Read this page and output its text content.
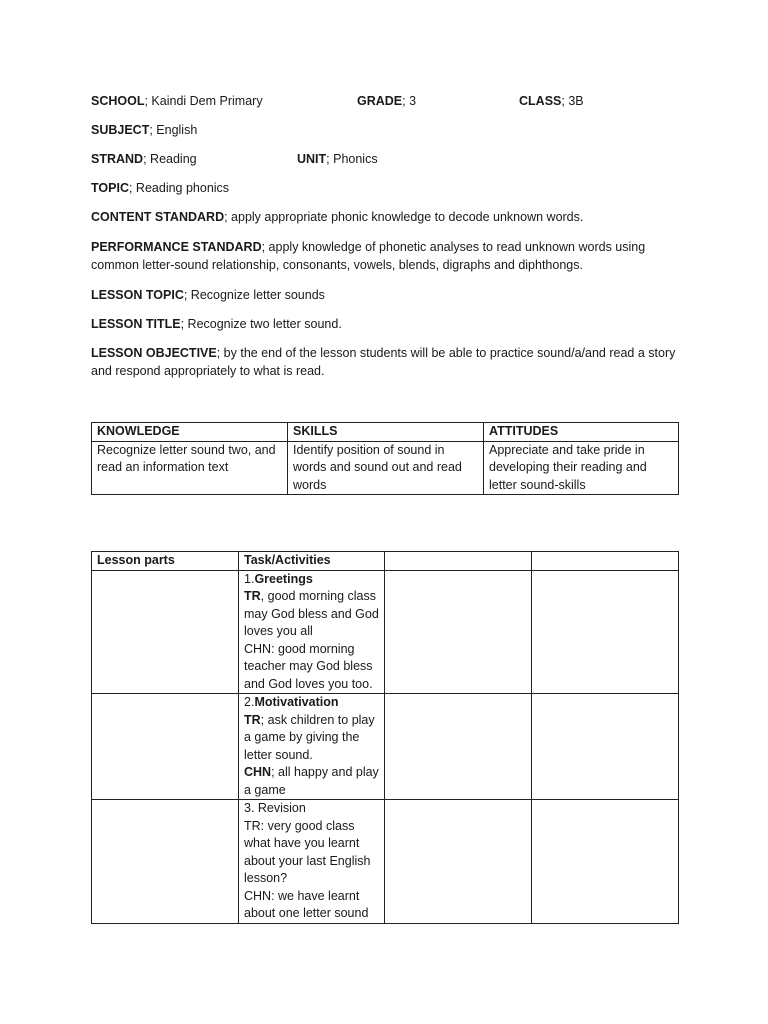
SCHOOL; Kaindi Dem Primary	GRADE; 3	CLASS; 3B
SUBJECT; English
STRAND; Reading	UNIT; Phonics
TOPIC; Reading phonics
CONTENT STANDARD; apply appropriate phonic knowledge to decode unknown words.
PERFORMANCE STANDARD; apply knowledge of phonetic analyses to read unknown words using common letter-sound relationship, consonants, vowels, blends, digraphs and diphthongs.
LESSON TOPIC; Recognize letter sounds
LESSON TITLE; Recognize two letter sound.
LESSON OBJECTIVE; by the end of the lesson students will be able to practice sound/a/and read a story and respond appropriately to what is read.
KNOWLEDGE	SKILLS	ATTITUDES
Recognize letter sound two, and read an information text	Identify position of sound in words and sound out and read words	Appreciate and take pride in developing their reading and letter sound-skills
Lesson parts	Task/Activities		

	1.Greetings
TR, good morning class may God bless and God loves you all
CHN: good morning teacher may God bless and God loves you too.		

	2.Motivativation
TR; ask children to play a game by giving the letter sound.
CHN; all happy and play a game		

	3. Revision
TR: very good class what have you learnt about your last English lesson?
CHN: we have learnt about one letter sound		
